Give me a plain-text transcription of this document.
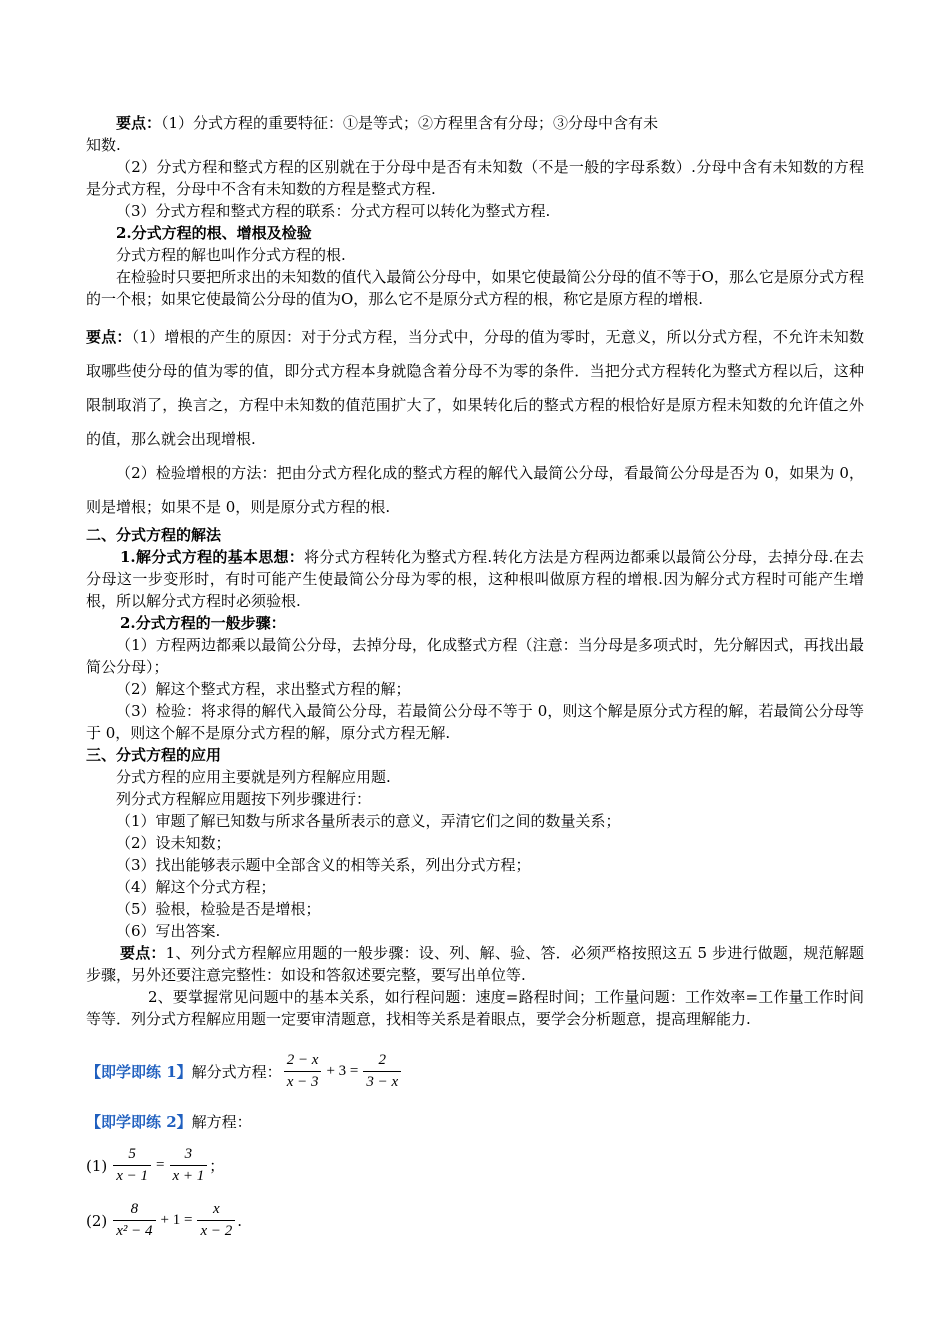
要点：（1）分式方程的重要特征：①是等式；②方程里含有分母；③分母中含有未

知数.

（2）分式方程和整式方程的区别就在于分母中是否有未知数（不是一般的字母系数）.分母中含有未知数的方程是分式方程，分母中不含有未知数的方程是整式方程.

（3）分式方程和整式方程的联系：分式方程可以转化为整式方程.

2.分式方程的根、增根及检验

分式方程的解也叫作分式方程的根.

在检验时只要把所求出的未知数的值代入最简公分母中，如果它使最简公分母的值不等于O，那么它是原分式方程的一个根；如果它使最简公分母的值为O，那么它不是原分式方程的根，称它是原方程的增根.

要点：（1）增根的产生的原因：对于分式方程，当分式中，分母的值为零时，无意义，所以分式方程，不允许未知数取哪些使分母的值为零的值，即分式方程本身就隐含着分母不为零的条件．当把分式方程转化为整式方程以后，这种限制取消了，换言之，方程中未知数的值范围扩大了，如果转化后的整式方程的根恰好是原方程未知数的允许值之外的值，那么就会出现增根.

（2）检验增根的方法：把由分式方程化成的整式方程的解代入最简公分母，看最简公分母是否为 0，如果为 0，则是增根；如果不是 0，则是原分式方程的根.

二、分式方程的解法

1.解分式方程的基本思想：将分式方程转化为整式方程.转化方法是方程两边都乘以最简公分母，去掉分母.在去分母这一步变形时，有时可能产生使最简公分母为零的根，这种根叫做原方程的增根.因为解分式方程时可能产生增根，所以解分式方程时必须验根.

2.分式方程的一般步骤：

（1）方程两边都乘以最简公分母，去掉分母，化成整式方程（注意：当分母是多项式时，先分解因式，再找出最简公分母）；

（2）解这个整式方程，求出整式方程的解；

（3）检验：将求得的解代入最简公分母，若最简公分母不等于 0，则这个解是原分式方程的解，若最简公分母等于 0，则这个解不是原分式方程的解，原分式方程无解.

三、分式方程的应用

分式方程的应用主要就是列方程解应用题.

列分式方程解应用题按下列步骤进行：

（1）审题了解已知数与所求各量所表示的意义，弄清它们之间的数量关系；

（2）设未知数；

（3）找出能够表示题中全部含义的相等关系，列出分式方程；

（4）解这个分式方程；

（5）验根，检验是否是增根；

（6）写出答案.

要点：1、列分式方程解应用题的一般步骤：设、列、解、验、答．必须严格按照这五 5 步进行做题，规范解题步骤，另外还要注意完整性：如设和答叙述要完整，要写出单位等.

2、要掌握常见问题中的基本关系，如行程问题：速度=路程时间；工作量问题：工作效率=工作量工作时间等等．列分式方程解应用题一定要审清题意，找相等关系是着眼点，要学会分析题意，提高理解能力.

【即学即练 1】 解分式方程： $\frac{2 - x}{x - 3} + 3 = \frac{2}{3 - x}$
【即学即练 2】 解方程：
$(1) \frac{5}{x - 1} = \frac{3}{x + 1}$ ；
$(2) \frac{8}{\text{x² − 4}} + 1 = \frac{x}{x - 2}$ .
